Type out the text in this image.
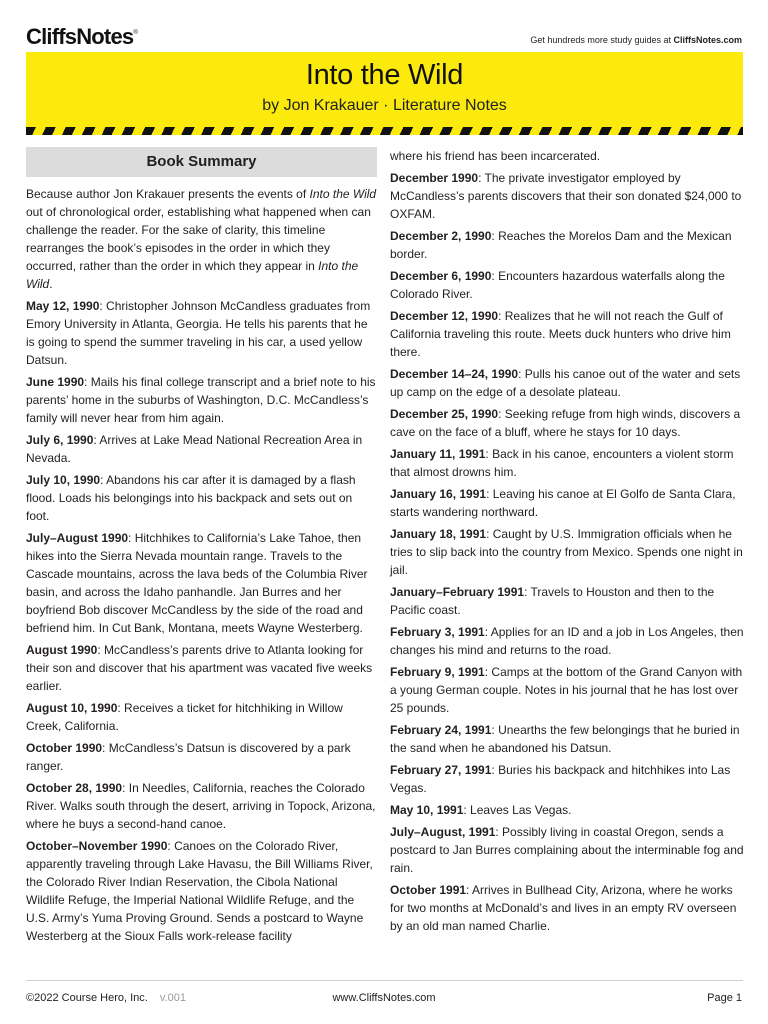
CliffsNotes®
Get hundreds more study guides at CliffsNotes.com
Into the Wild
by Jon Krakauer · Literature Notes
Book Summary

Because author Jon Krakauer presents the events of Into the Wild out of chronological order, establishing what happened when can challenge the reader. For the sake of clarity, this timeline rearranges the book’s episodes in the order in which they occurred, rather than the order in which they appear in Into the Wild.

May 12, 1990: Christopher Johnson McCandless graduates from Emory University in Atlanta, Georgia. He tells his parents that he is going to spend the summer traveling in his car, a used yellow Datsun.

June 1990: Mails his final college transcript and a brief note to his parents’ home in the suburbs of Washington, D.C. McCandless’s family will never hear from him again.

July 6, 1990: Arrives at Lake Mead National Recreation Area in Nevada.

July 10, 1990: Abandons his car after it is damaged by a flash flood. Loads his belongings into his backpack and sets out on foot.

July–August 1990: Hitchhikes to California’s Lake Tahoe, then hikes into the Sierra Nevada mountain range. Travels to the Cascade mountains, across the lava beds of the Columbia River basin, and across the Idaho panhandle. Jan Burres and her boyfriend Bob discover McCandless by the side of the road and befriend him. In Cut Bank, Montana, meets Wayne Westerberg.

August 1990: McCandless’s parents drive to Atlanta looking for their son and discover that his apartment was vacated five weeks earlier.

August 10, 1990: Receives a ticket for hitchhiking in Willow Creek, California.

October 1990: McCandless’s Datsun is discovered by a park ranger.

October 28, 1990: In Needles, California, reaches the Colorado River. Walks south through the desert, arriving in Topock, Arizona, where he buys a second-hand canoe.

October–November 1990: Canoes on the Colorado River, apparently traveling through Lake Havasu, the Bill Williams River, the Colorado River Indian Reservation, the Cibola National Wildlife Refuge, the Imperial National Wildlife Refuge, and the U.S. Army’s Yuma Proving Ground. Sends a postcard to Wayne Westerberg at the Sioux Falls work-release facility

where his friend has been incarcerated.

December 1990: The private investigator employed by McCandless’s parents discovers that their son donated $24,000 to OXFAM.

December 2, 1990: Reaches the Morelos Dam and the Mexican border.

December 6, 1990: Encounters hazardous waterfalls along the Colorado River.

December 12, 1990: Realizes that he will not reach the Gulf of California traveling this route. Meets duck hunters who drive him there.

December 14–24, 1990: Pulls his canoe out of the water and sets up camp on the edge of a desolate plateau.

December 25, 1990: Seeking refuge from high winds, discovers a cave on the face of a bluff, where he stays for 10 days.

January 11, 1991: Back in his canoe, encounters a violent storm that almost drowns him.

January 16, 1991: Leaving his canoe at El Golfo de Santa Clara, starts wandering northward.

January 18, 1991: Caught by U.S. Immigration officials when he tries to slip back into the country from Mexico. Spends one night in jail.

January–February 1991: Travels to Houston and then to the Pacific coast.

February 3, 1991: Applies for an ID and a job in Los Angeles, then changes his mind and returns to the road.

February 9, 1991: Camps at the bottom of the Grand Canyon with a young German couple. Notes in his journal that he has lost over 25 pounds.

February 24, 1991: Unearths the few belongings that he buried in the sand when he abandoned his Datsun.

February 27, 1991: Buries his backpack and hitchhikes into Las Vegas.

May 10, 1991: Leaves Las Vegas.

July–August, 1991: Possibly living in coastal Oregon, sends a postcard to Jan Burres complaining about the interminable fog and rain.

October 1991: Arrives in Bullhead City, Arizona, where he works for two months at McDonald’s and lives in an empty RV overseen by an old man named Charlie.

©2022 Course Hero, Inc. v.001	www.CliffsNotes.com	Page 1
